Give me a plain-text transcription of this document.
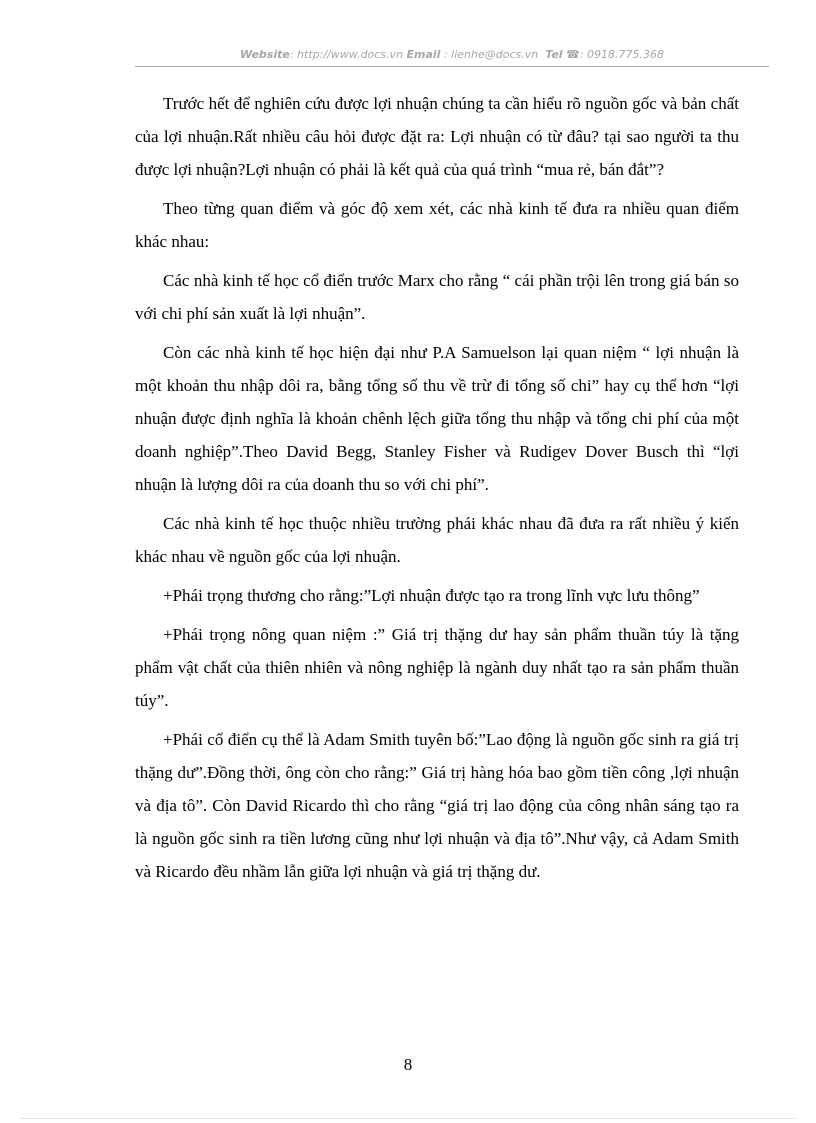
Website: http://www.docs.vn Email : lienhe@docs.vn Tel ☎: 0918.775.368

Trước hết để nghiên cứu được lợi nhuận chúng ta cần hiểu rõ nguồn gốc và bản chất của lợi nhuận.Rất nhiều câu hỏi được đặt ra: Lợi nhuận có từ đâu? tại sao người ta thu được lợi nhuận?Lợi nhuận có phải là kết quả của quá trình “mua rẻ, bán đắt”?

Theo từng quan điểm và góc độ xem xét, các nhà kinh tế đưa ra nhiều quan điểm khác nhau:

Các nhà kinh tế học cổ điển trước Marx cho rằng “ cái phần trội lên trong giá bán so với chi phí sản xuất là lợi nhuận”.

Còn các nhà kinh tế học hiện đại như P.A Samuelson lại quan niệm “ lợi nhuận là một khoản thu nhập dôi ra, bằng tổng số thu về trừ đi tổng số chi” hay cụ thể hơn “lợi nhuận được định nghĩa là khoản chênh lệch giữa tổng thu nhập và tổng chi phí của một doanh nghiệp”.Theo David Begg, Stanley Fisher và Rudigev Dover Busch thì “lợi nhuận là lượng dôi ra của doanh thu so với chi phí”.

Các nhà kinh tế học thuộc nhiều trường phái khác nhau đã đưa ra rất nhiều ý kiến khác nhau về nguồn gốc của lợi nhuận.

+Phái trọng thương cho rằng:”Lợi nhuận được tạo ra trong lĩnh vực lưu thông”

+Phái trọng nông quan niệm :” Giá trị thặng dư hay sản phẩm thuần túy là tặng phẩm vật chất của thiên nhiên và nông nghiệp là ngành duy nhất tạo ra sản phẩm thuần túy”.

+Phái cổ điển cụ thể là Adam Smith tuyên bố:”Lao động là nguồn gốc sinh ra giá trị thặng dư”.Đồng thời, ông còn cho rằng:” Giá trị hàng hóa bao gồm tiền công ,lợi nhuận và địa tô”. Còn David Ricardo thì cho rằng “giá trị lao động của công nhân sáng tạo ra là nguồn gốc sinh ra tiền lương cũng như lợi nhuận và địa tô”.Như vậy, cả Adam Smith và Ricardo đều nhầm lẫn giữa lợi nhuận và giá trị thặng dư.

8
